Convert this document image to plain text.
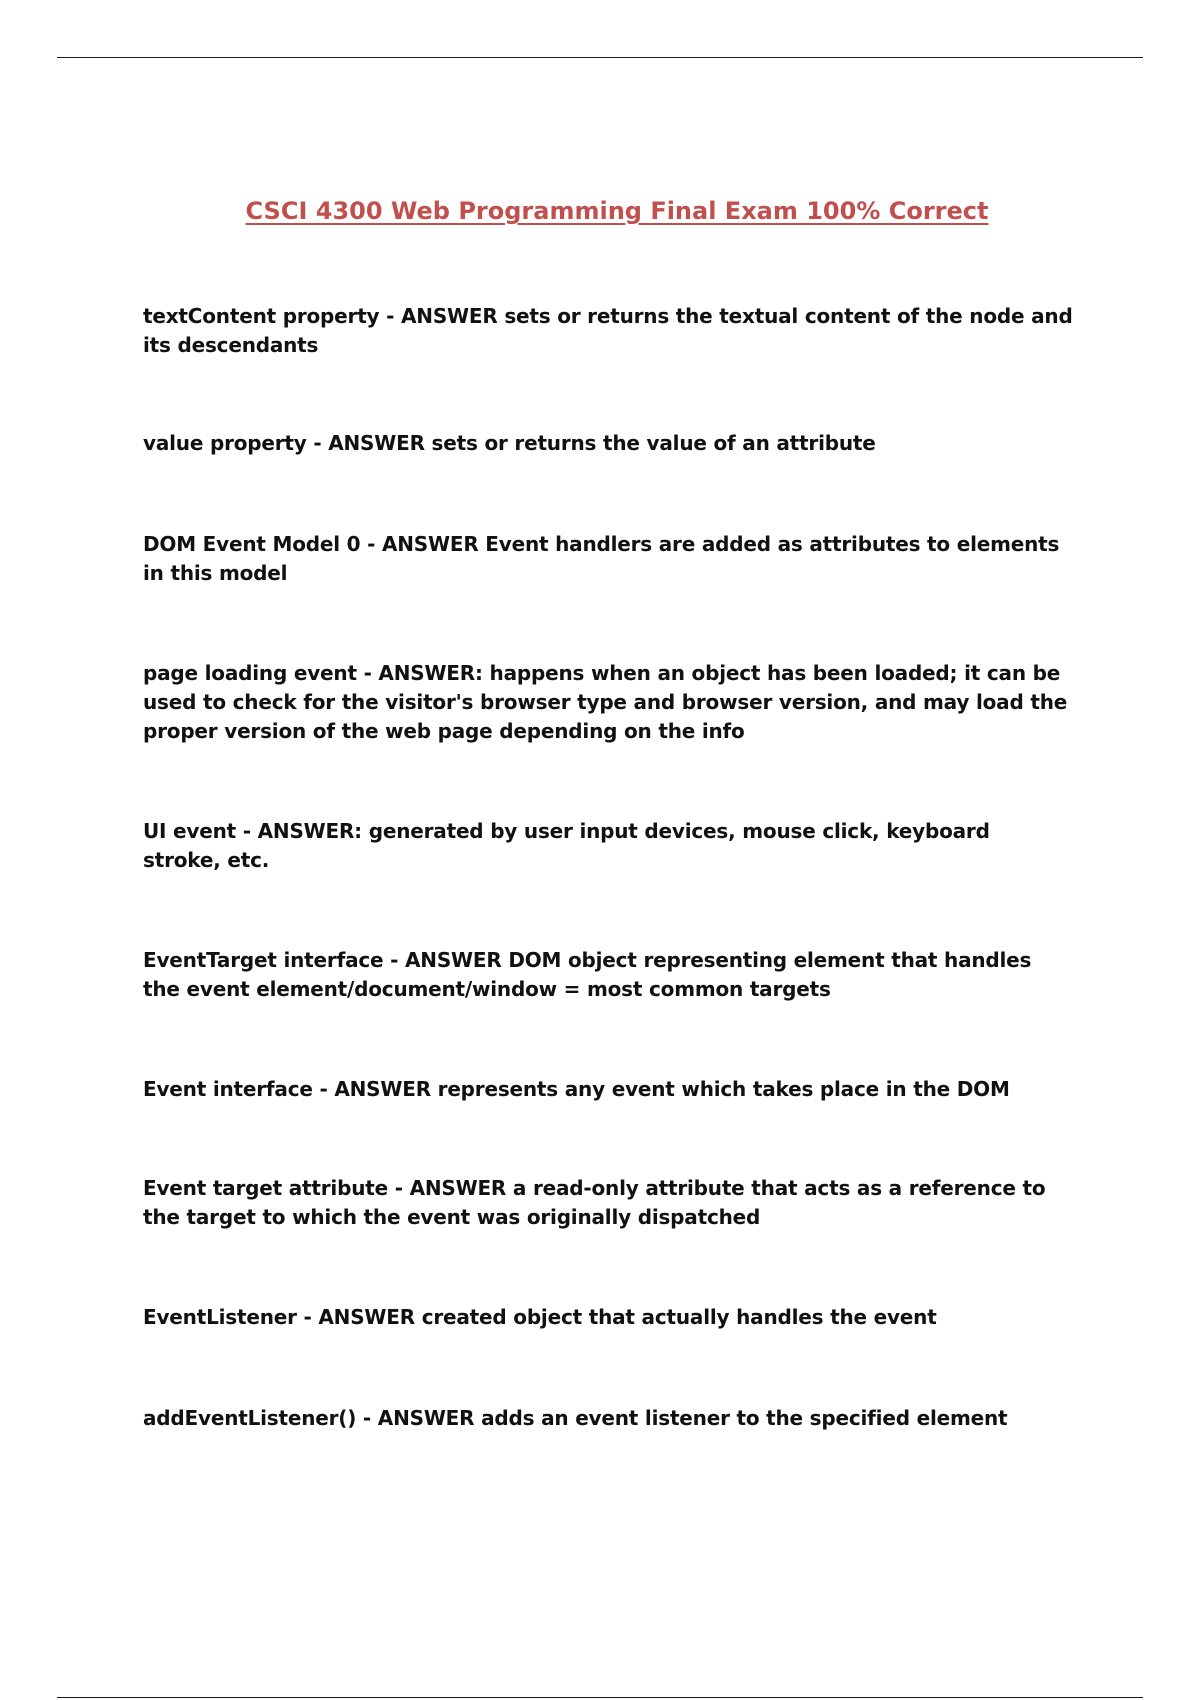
CSCI 4300 Web Programming Final Exam 100% Correct

textContent property - ANSWER sets or returns the textual content of the node and its descendants

value property - ANSWER sets or returns the value of an attribute

DOM Event Model 0 - ANSWER Event handlers are added as attributes to elements in this model

page loading event - ANSWER: happens when an object has been loaded; it can be used to check for the visitor's browser type and browser version, and may load the proper version of the web page depending on the info

UI event - ANSWER: generated by user input devices, mouse click, keyboard stroke, etc.

EventTarget interface - ANSWER DOM object representing element that handles the event element/document/window = most common targets

Event interface - ANSWER represents any event which takes place in the DOM

Event target attribute - ANSWER a read-only attribute that acts as a reference to the target to which the event was originally dispatched

EventListener - ANSWER created object that actually handles the event

addEventListener() - ANSWER adds an event listener to the specified element
